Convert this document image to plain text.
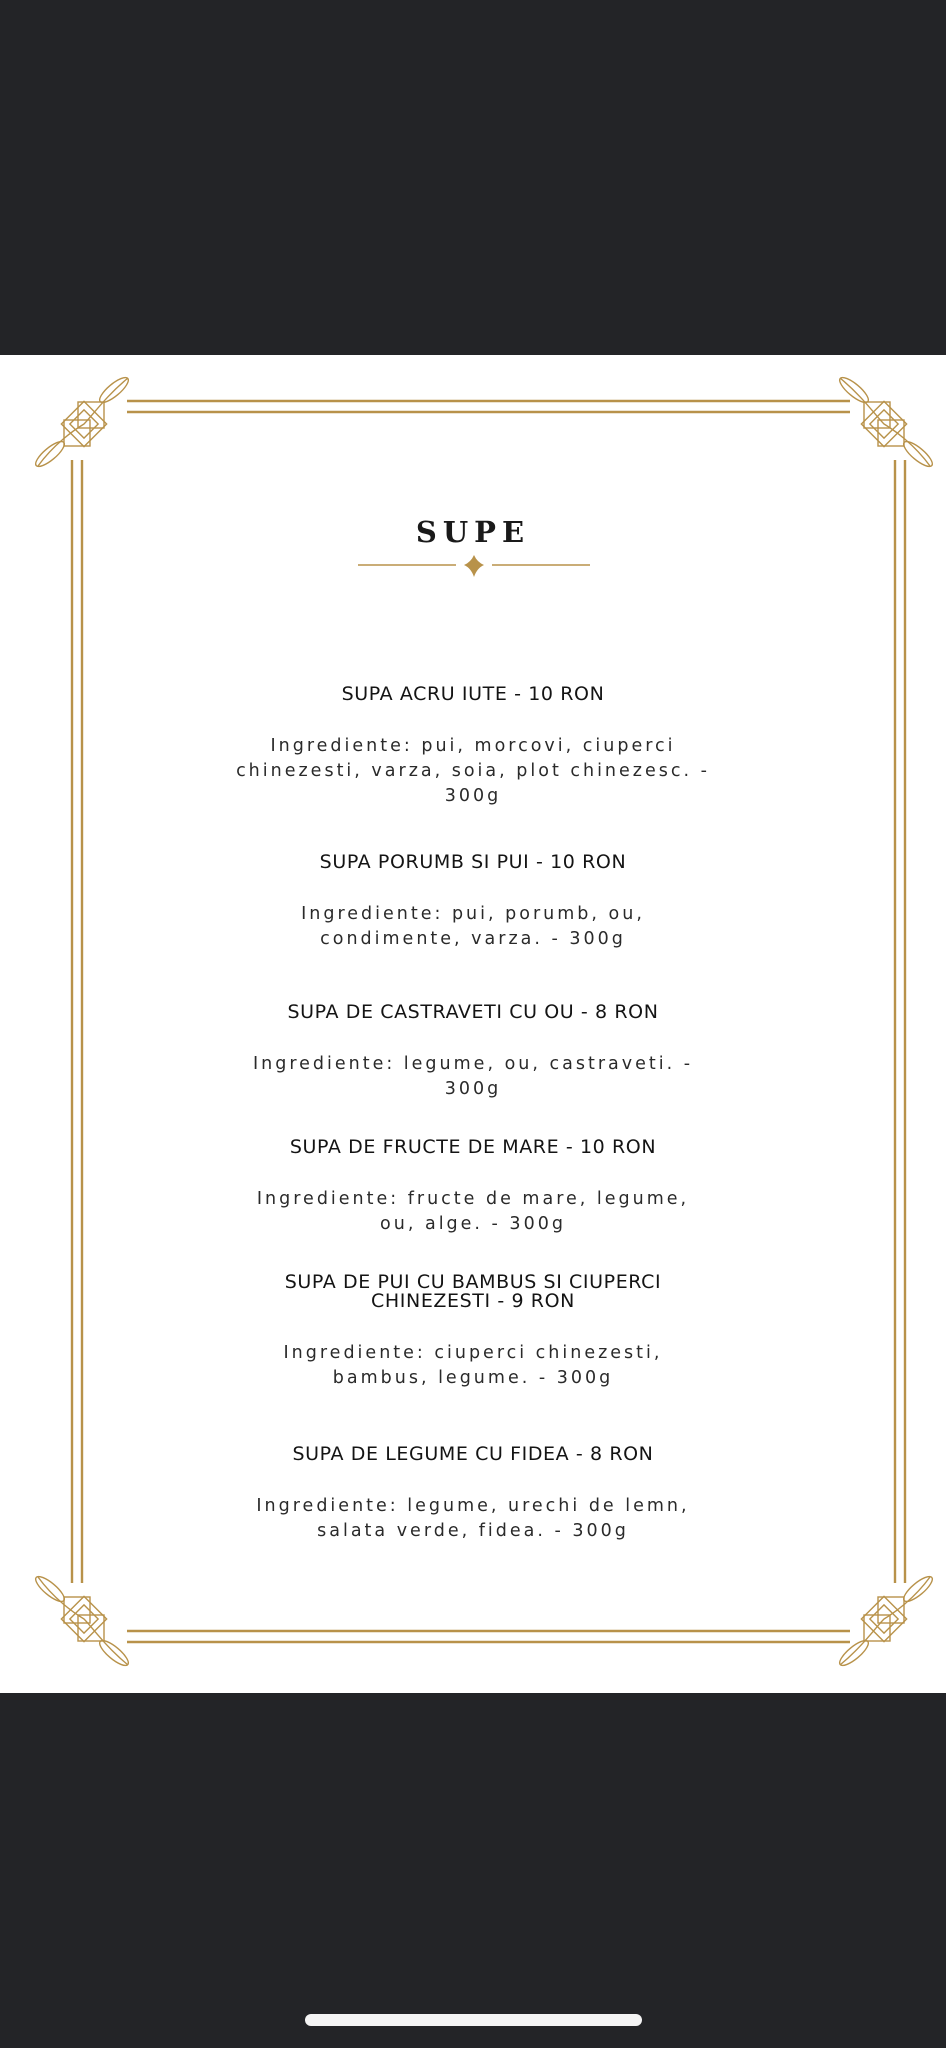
SUPE
SUPA ACRU IUTE - 10 RON
Ingrediente: pui, morcovi, ciuperci chinezesti, varza, soia, plot chinezesc. - 300g
SUPA PORUMB SI PUI - 10 RON
Ingrediente: pui, porumb, ou, condimente, varza. - 300g
SUPA DE CASTRAVETI CU OU - 8 RON
Ingrediente: legume, ou, castraveti. - 300g
SUPA DE FRUCTE DE MARE - 10 RON
Ingrediente: fructe de mare, legume, ou, alge. - 300g
SUPA DE PUI CU BAMBUS SI CIUPERCI CHINEZESTI - 9 RON
Ingrediente: ciuperci chinezesti, bambus, legume. - 300g
SUPA DE LEGUME CU FIDEA - 8 RON
Ingrediente: legume, urechi de lemn, salata verde, fidea. - 300g
